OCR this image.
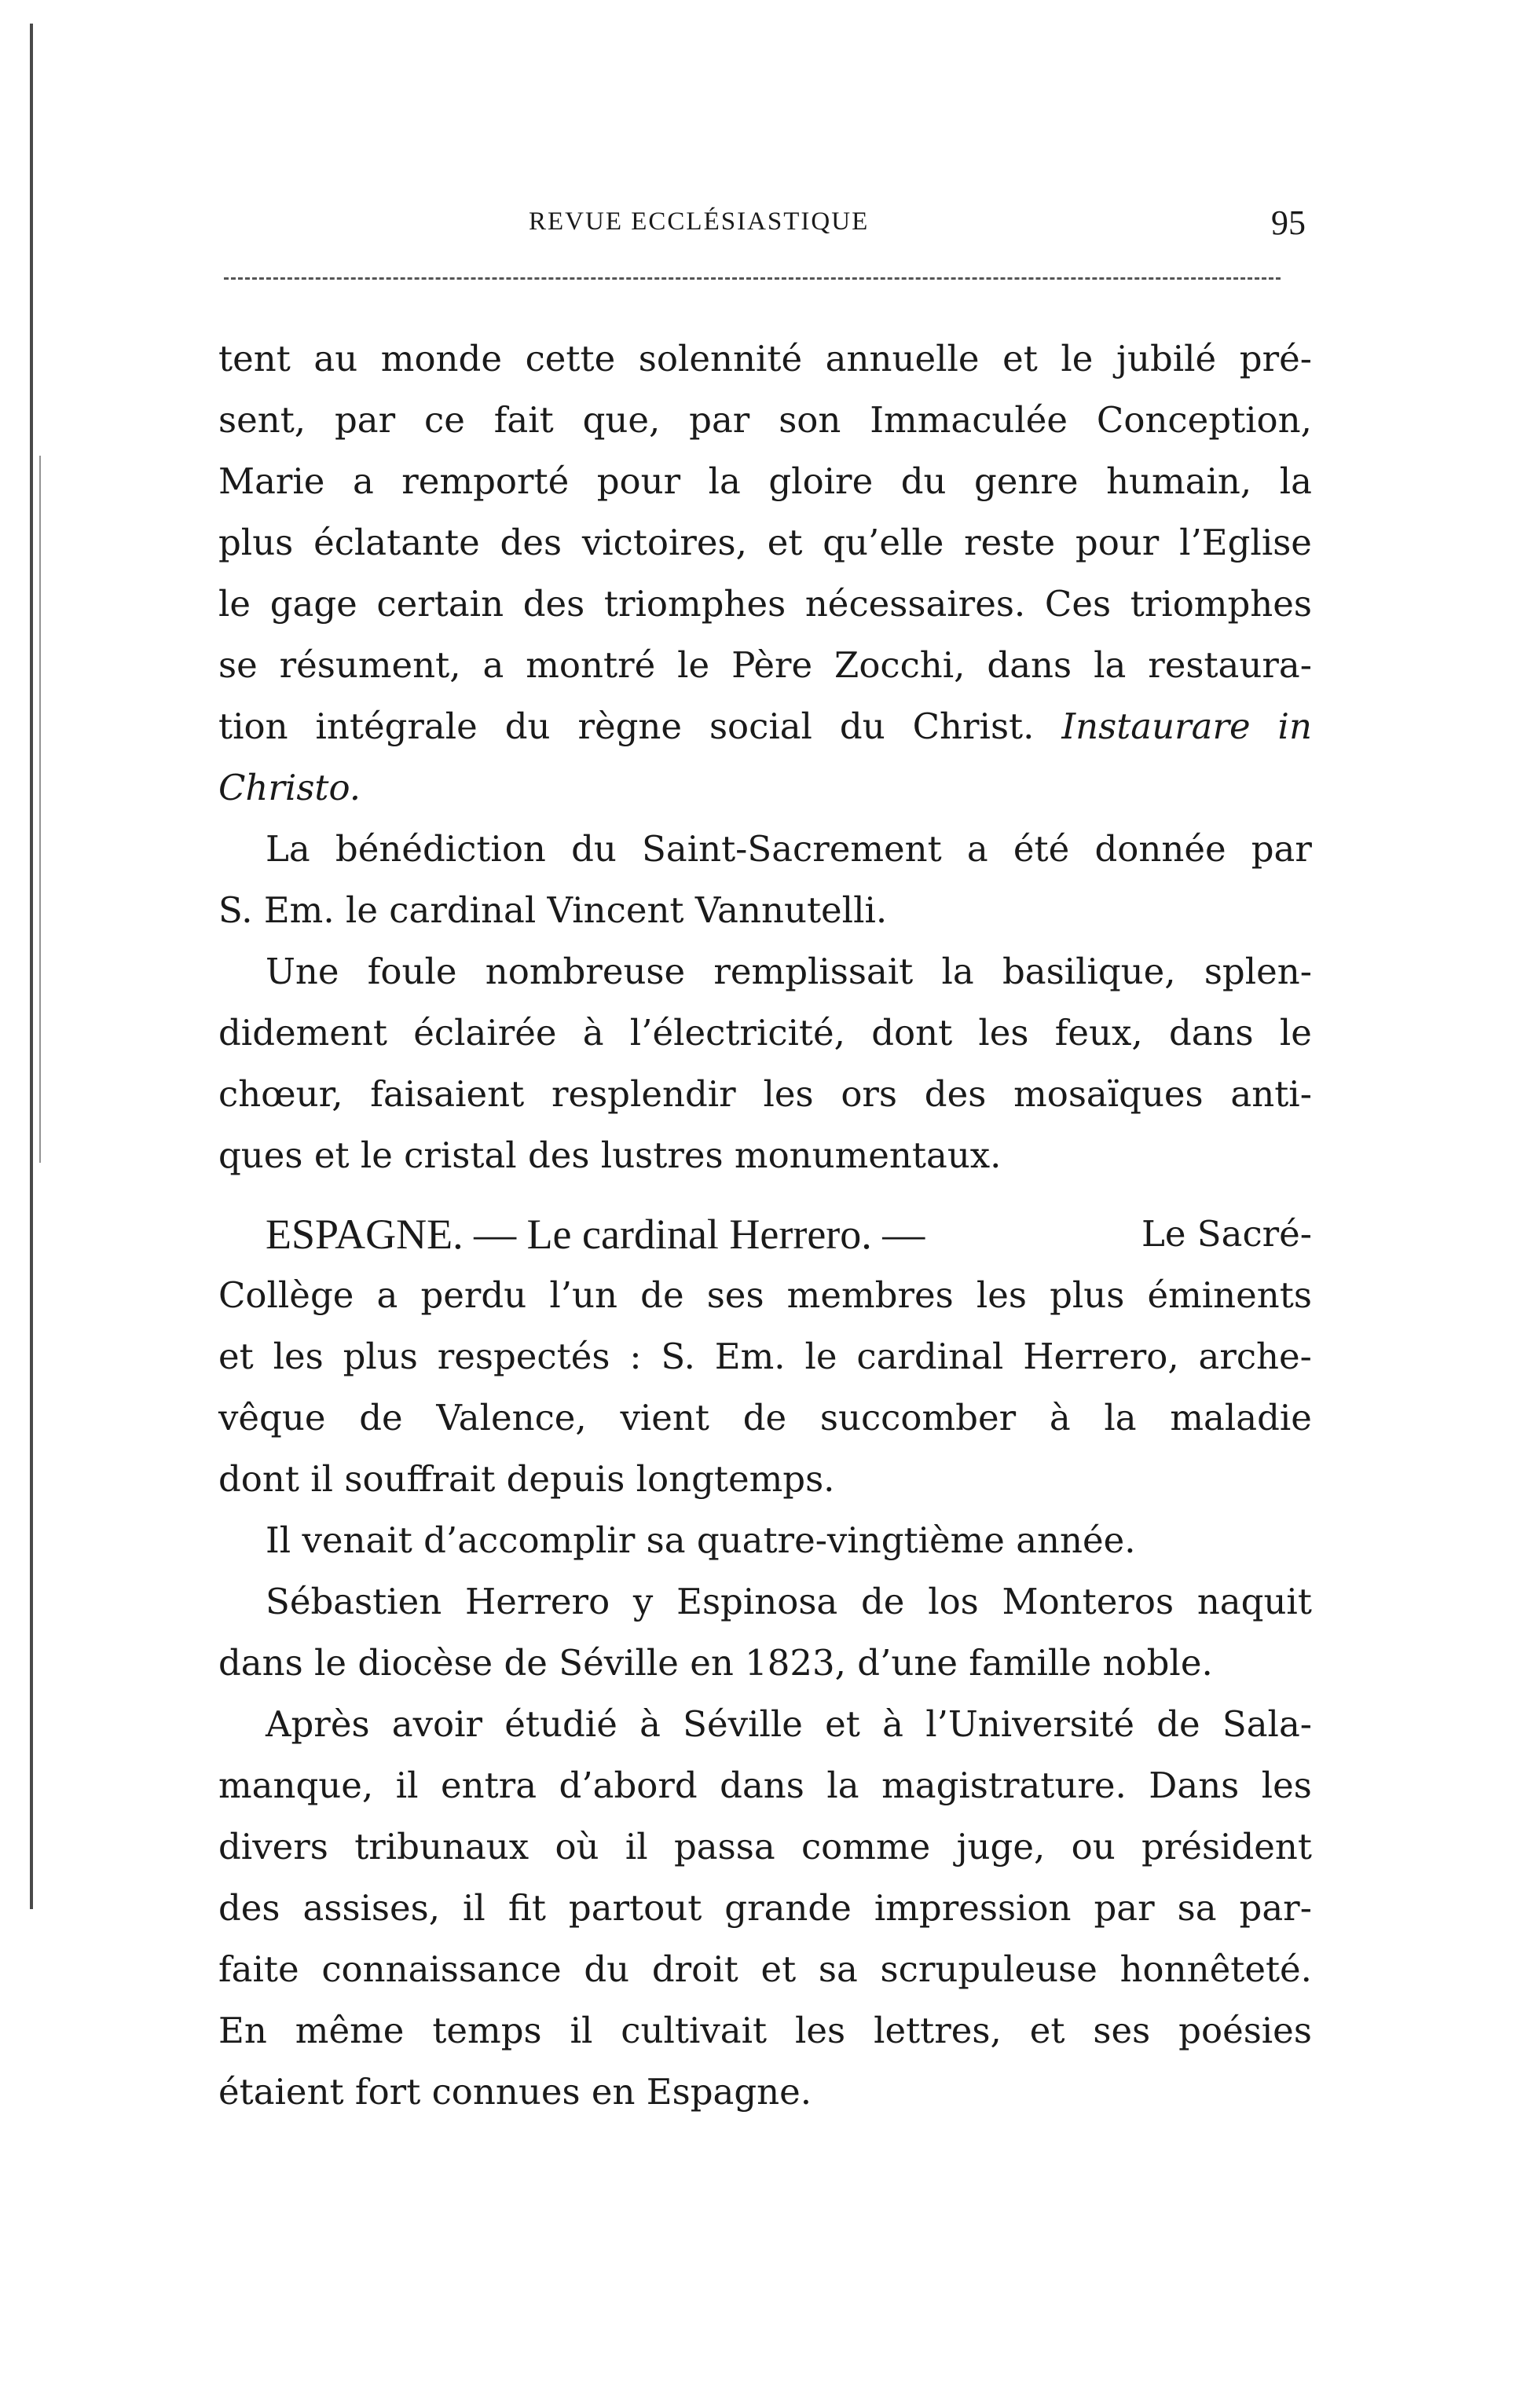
REVUE ECCLÉSIASTIQUE	95
tent au monde cette solennité annuelle et le jubilé pré-
sent, par ce fait que, par son Immaculée Conception,
Marie a remporté pour la gloire du genre humain, la
plus éclatante des victoires, et qu’elle reste pour l’Eglise
le gage certain des triomphes nécessaires. Ces triomphes
se résument, a montré le Père Zocchi, dans la restaura-
tion intégrale du règne social du Christ. Instaurare in
Christo.
La bénédiction du Saint-Sacrement a été donnée par
S. Em. le cardinal Vincent Vannutelli.
Une foule nombreuse remplissait la basilique, splen-
didement éclairée à l’électricité, dont les feux, dans le
chœur, faisaient resplendir les ors des mosaïques anti-
ques et le cristal des lustres monumentaux.
ESPAGNE. — Le cardinal Herrero. —	Le Sacré-
Collège a perdu l’un de ses membres les plus éminents
et les plus respectés : S. Em. le cardinal Herrero, arche-
vêque de Valence, vient de succomber à la maladie
dont il souffrait depuis longtemps.
Il venait d’accomplir sa quatre-vingtième année.
Sébastien Herrero y Espinosa de los Monteros naquit
dans le diocèse de Séville en 1823, d’une famille noble.
Après avoir étudié à Séville et à l’Université de Sala-
manque, il entra d’abord dans la magistrature. Dans les
divers tribunaux où il passa comme juge, ou président
des assises, il fit partout grande impression par sa par-
faite connaissance du droit et sa scrupuleuse honnêteté.
En même temps il cultivait les lettres, et ses poésies
étaient fort connues en Espagne.
